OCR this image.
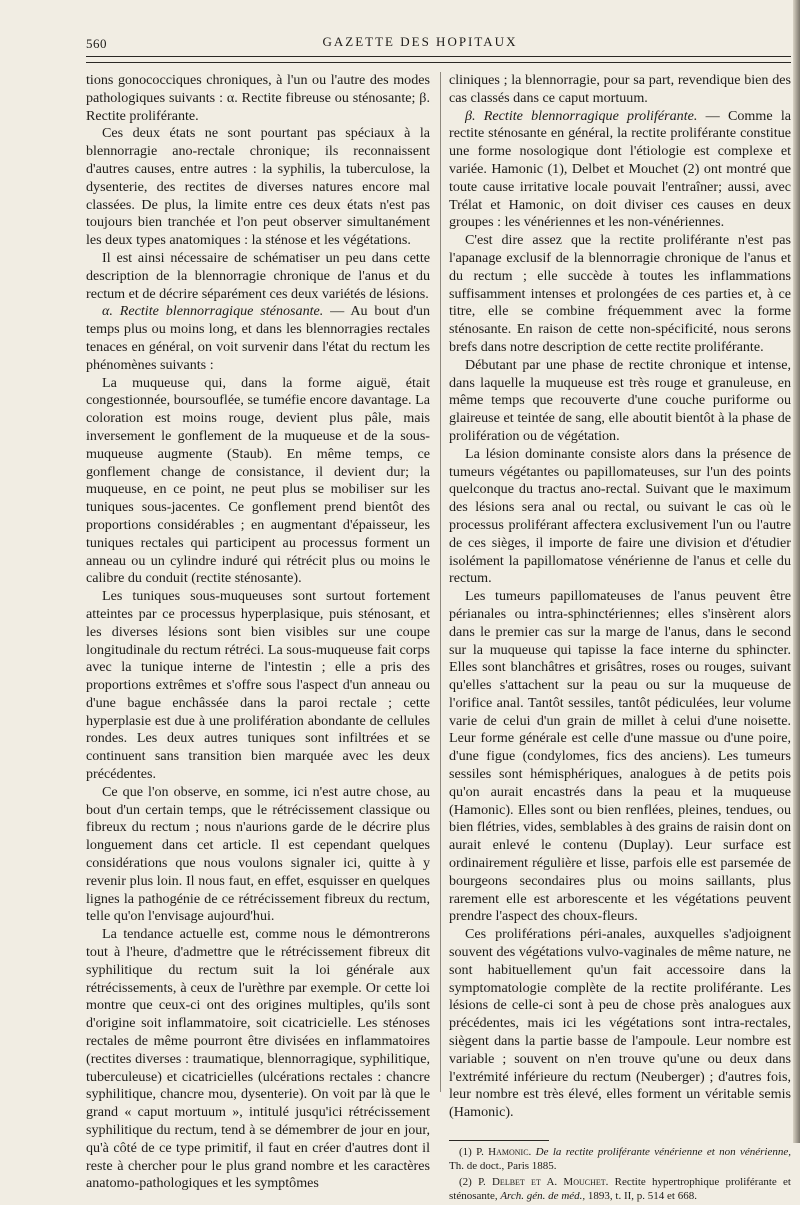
560	GAZETTE DES HOPITAUX

tions gonococciques chroniques, à l'un ou l'autre des modes pathologiques suivants : α. Rectite fibreuse ou sténosante; β. Rectite proliférante.

Ces deux états ne sont pourtant pas spéciaux à la blennorragie ano-rectale chronique; ils reconnaissent d'autres causes, entre autres : la syphilis, la tuberculose, la dysenterie, des rectites de diverses natures encore mal classées. De plus, la limite entre ces deux états n'est pas toujours bien tranchée et l'on peut observer simultanément les deux types anatomiques : la sténose et les végétations.

Il est ainsi nécessaire de schématiser un peu dans cette description de la blennorragie chronique de l'anus et du rectum et de décrire séparément ces deux variétés de lésions.

α. Rectite blennorragique sténosante. — Au bout d'un temps plus ou moins long, et dans les blennorragies rectales tenaces en général, on voit survenir dans l'état du rectum les phénomènes suivants :

La muqueuse qui, dans la forme aiguë, était congestionnée, boursouflée, se tuméfie encore davantage. La coloration est moins rouge, devient plus pâle, mais inversement le gonflement de la muqueuse et de la sous-muqueuse augmente (Staub). En même temps, ce gonflement change de consistance, il devient dur; la muqueuse, en ce point, ne peut plus se mobiliser sur les tuniques sous-jacentes. Ce gonflement prend bientôt des proportions considérables ; en augmentant d'épaisseur, les tuniques rectales qui participent au processus forment un anneau ou un cylindre induré qui rétrécit plus ou moins le calibre du conduit (rectite sténosante).

Les tuniques sous-muqueuses sont surtout fortement atteintes par ce processus hyperplasique, puis sténosant, et les diverses lésions sont bien visibles sur une coupe longitudinale du rectum rétréci. La sous-muqueuse fait corps avec la tunique interne de l'intestin ; elle a pris des proportions extrêmes et s'offre sous l'aspect d'un anneau ou d'une bague enchâssée dans la paroi rectale ; cette hyperplasie est due à une prolifération abondante de cellules rondes. Les deux autres tuniques sont infiltrées et se continuent sans transition bien marquée avec les deux précédentes.

Ce que l'on observe, en somme, ici n'est autre chose, au bout d'un certain temps, que le rétrécissement classique ou fibreux du rectum ; nous n'aurions garde de le décrire plus longuement dans cet article. Il est cependant quelques considérations que nous voulons signaler ici, quitte à y revenir plus loin. Il nous faut, en effet, esquisser en quelques lignes la pathogénie de ce rétrécissement fibreux du rectum, telle qu'on l'envisage aujourd'hui.

La tendance actuelle est, comme nous le démontrerons tout à l'heure, d'admettre que le rétrécissement fibreux dit syphilitique du rectum suit la loi générale aux rétrécissements, à ceux de l'urèthre par exemple. Or cette loi montre que ceux-ci ont des origines multiples, qu'ils sont d'origine soit inflammatoire, soit cicatricielle. Les sténoses rectales de même pourront être divisées en inflammatoires (rectites diverses : traumatique, blennorragique, syphilitique, tuberculeuse) et cicatricielles (ulcérations rectales : chancre syphilitique, chancre mou, dysenterie). On voit par là que le grand « caput mortuum », intitulé jusqu'ici rétrécissement syphilitique du rectum, tend à se démembrer de jour en jour, qu'à côté de ce type primitif, il faut en créer d'autres dont il reste à chercher pour le plus grand nombre et les caractères anatomo-pathologiques et les symptômes

cliniques ; la blennorragie, pour sa part, revendique bien des cas classés dans ce caput mortuum.

β. Rectite blennorragique proliférante. — Comme la rectite sténosante en général, la rectite proliférante constitue une forme nosologique dont l'étiologie est complexe et variée. Hamonic (1), Delbet et Mouchet (2) ont montré que toute cause irritative locale pouvait l'entraîner; aussi, avec Trélat et Hamonic, on doit diviser ces causes en deux groupes : les vénériennes et les non-vénériennes.

C'est dire assez que la rectite proliférante n'est pas l'apanage exclusif de la blennorragie chronique de l'anus et du rectum ; elle succède à toutes les inflammations suffisamment intenses et prolongées de ces parties et, à ce titre, elle se combine fréquemment avec la forme sténosante. En raison de cette non-spécificité, nous serons brefs dans notre description de cette rectite proliférante.

Débutant par une phase de rectite chronique et intense, dans laquelle la muqueuse est très rouge et granuleuse, en même temps que recouverte d'une couche puriforme ou glaireuse et teintée de sang, elle aboutit bientôt à la phase de prolifération ou de végétation.

La lésion dominante consiste alors dans la présence de tumeurs végétantes ou papillomateuses, sur l'un des points quelconque du tractus ano-rectal. Suivant que le maximum des lésions sera anal ou rectal, ou suivant le cas où le processus proliférant affectera exclusivement l'un ou l'autre de ces sièges, il importe de faire une division et d'étudier isolément la papillomatose vénérienne de l'anus et celle du rectum.

Les tumeurs papillomateuses de l'anus peuvent être périanales ou intra-sphinctériennes; elles s'insèrent alors dans le premier cas sur la marge de l'anus, dans le second sur la muqueuse qui tapisse la face interne du sphincter. Elles sont blanchâtres et grisâtres, roses ou rouges, suivant qu'elles s'attachent sur la peau ou sur la muqueuse de l'orifice anal. Tantôt sessiles, tantôt pédiculées, leur volume varie de celui d'un grain de millet à celui d'une noisette. Leur forme générale est celle d'une massue ou d'une poire, d'une figue (condylomes, fics des anciens). Les tumeurs sessiles sont hémisphériques, analogues à de petits pois qu'on aurait encastrés dans la peau et la muqueuse (Hamonic). Elles sont ou bien renflées, pleines, tendues, ou bien flétries, vides, semblables à des grains de raisin dont on aurait enlevé le contenu (Duplay). Leur surface est ordinairement régulière et lisse, parfois elle est parsemée de bourgeons secondaires plus ou moins saillants, plus rarement elle est arborescente et les végétations peuvent prendre l'aspect des choux-fleurs.

Ces proliférations péri-anales, auxquelles s'adjoignent souvent des végétations vulvo-vaginales de même nature, ne sont habituellement qu'un fait accessoire dans la symptomatologie complète de la rectite proliférante. Les lésions de celle-ci sont à peu de chose près analogues aux précédentes, mais ici les végétations sont intra-rectales, siègent dans la partie basse de l'ampoule. Leur nombre est variable ; souvent on n'en trouve qu'une ou deux dans l'extrémité inférieure du rectum (Neuberger) ; d'autres fois, leur nombre est très élevé, elles forment un véritable semis (Hamonic).

(1) P. Hamonic. De la rectite proliférante vénérienne et non vénérienne, Th. de doct., Paris 1885.

(2) P. Delbet et A. Mouchet. Rectite hypertrophique proliférante et sténosante, Arch. gén. de méd., 1893, t. II, p. 514 et 668.
